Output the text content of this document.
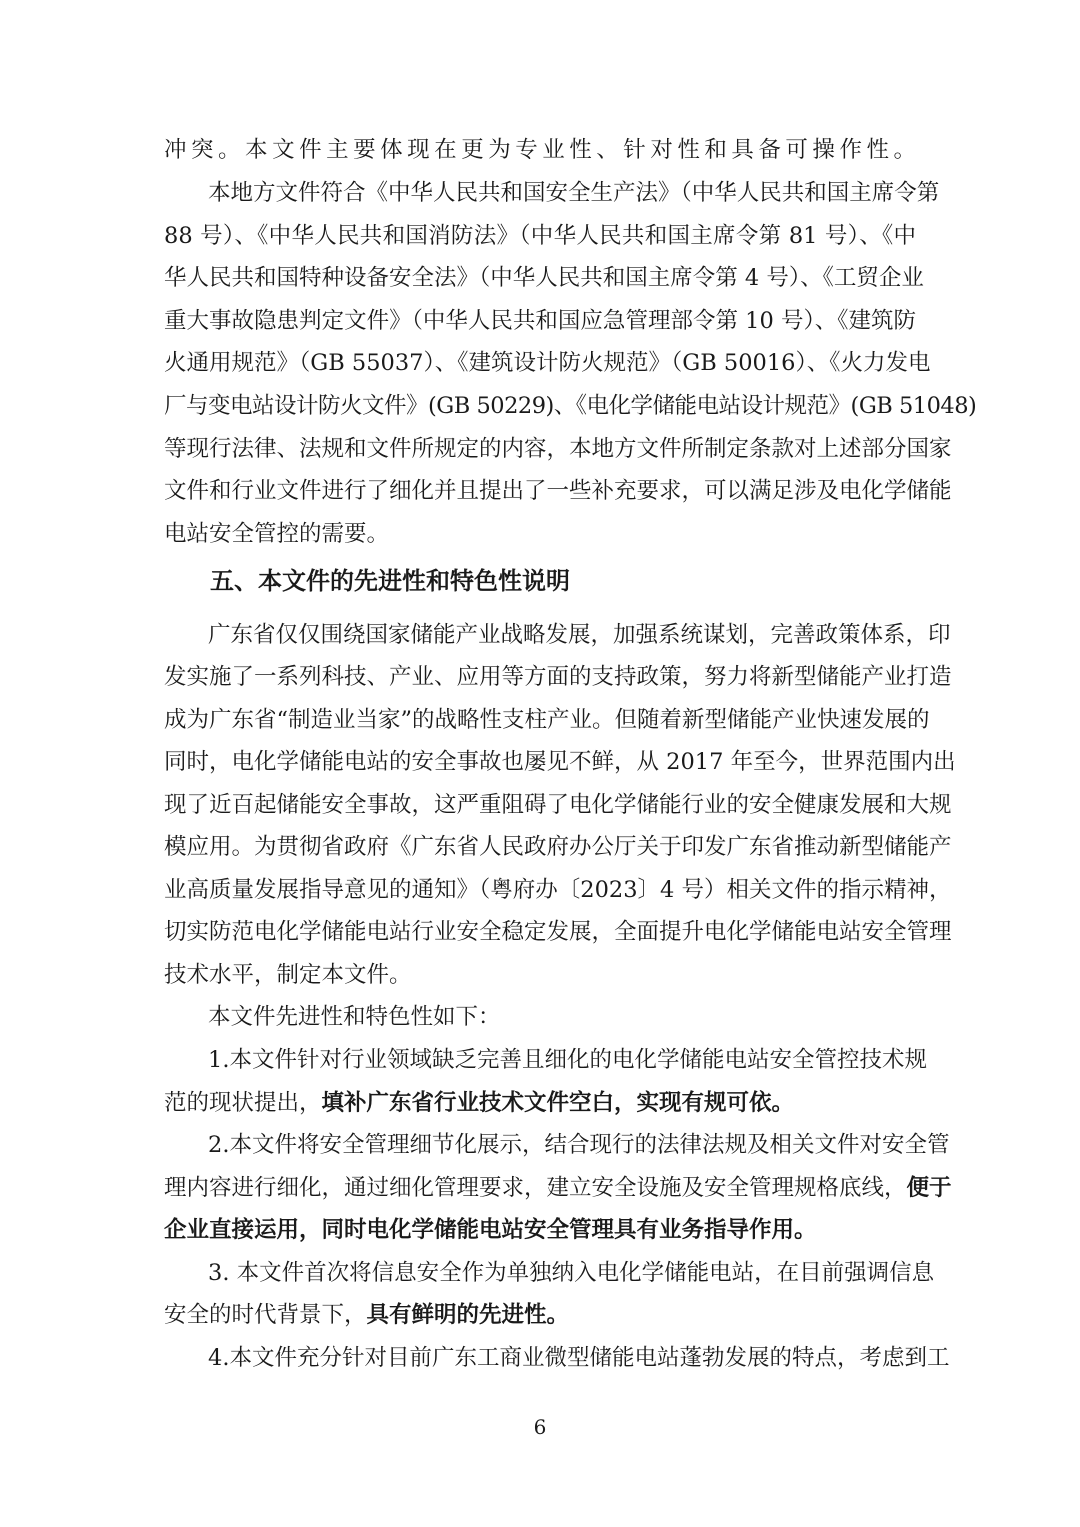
冲突。本文件主要体现在更为专业性、针对性和具备可操作性。

本地方文件符合《中华人民共和国安全生产法》（中华人民共和国主席令第

88 号）、《中华人民共和国消防法》（中华人民共和国主席令第 81 号）、《中

华人民共和国特种设备安全法》（中华人民共和国主席令第 4 号）、《工贸企业

重大事故隐患判定文件》（中华人民共和国应急管理部令第 10 号）、《建筑防

火通用规范》（GB 55037）、《建筑设计防火规范》（GB 50016）、《火力发电

厂与变电站设计防火文件》(GB 50229)、《电化学储能电站设计规范》(GB 51048)

等现行法律、法规和文件所规定的内容，本地方文件所制定条款对上述部分国家

文件和行业文件进行了细化并且提出了一些补充要求，可以满足涉及电化学储能

电站安全管控的需要。

五、本文件的先进性和特色性说明

广东省仅仅围绕国家储能产业战略发展，加强系统谋划，完善政策体系，印

发实施了一系列科技、产业、应用等方面的支持政策，努力将新型储能产业打造

成为广东省“制造业当家”的战略性支柱产业。但随着新型储能产业快速发展的

同时，电化学储能电站的安全事故也屡见不鲜，从 2017 年至今，世界范围内出

现了近百起储能安全事故，这严重阻碍了电化学储能行业的安全健康发展和大规

模应用。为贯彻省政府《广东省人民政府办公厅关于印发广东省推动新型储能产

业高质量发展指导意见的通知》（粤府办〔2023〕4 号）相关文件的指示精神，

切实防范电化学储能电站行业安全稳定发展，全面提升电化学储能电站安全管理

技术水平，制定本文件。

本文件先进性和特色性如下：

1.本文件针对行业领域缺乏完善且细化的电化学储能电站安全管控技术规

范的现状提出，填补广东省行业技术文件空白，实现有规可依。

2.本文件将安全管理细节化展示，结合现行的法律法规及相关文件对安全管

理内容进行细化，通过细化管理要求，建立安全设施及安全管理规格底线，便于

企业直接运用，同时电化学储能电站安全管理具有业务指导作用。

3. 本文件首次将信息安全作为单独纳入电化学储能电站，在目前强调信息

安全的时代背景下，具有鲜明的先进性。

4.本文件充分针对目前广东工商业微型储能电站蓬勃发展的特点，考虑到工

6
